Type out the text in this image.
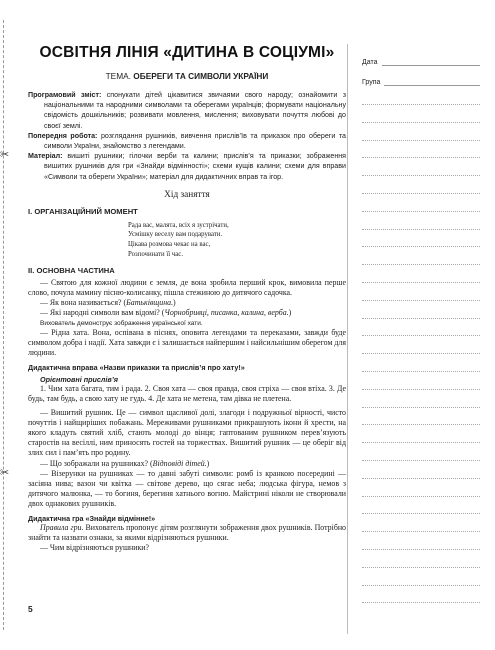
✂
✂
ОСВІТНЯ ЛІНІЯ «ДИТИНА В СОЦІУМІ»
ТЕМА. ОБЕРЕГИ ТА СИМВОЛИ УКРАЇНИ
Програмовий зміст: спонукати дітей цікавитися звичаями свого народу; ознайомити з національними та народними символами та оберегами українців; формувати національну свідомість дошкільників; розвивати мовлення, мислення; виховувати почуття любові до своєї землі.
Попередня робота: розглядання рушників, вивчення прислів’їв та приказок про обереги та символи України, знайомство з легендами.
Матеріал: вишиті рушники; гілочки верби та калини; прислів’я та приказки; зображення вишитих рушників для гри «Знайди відмінності»; схеми кущів калини; схеми для вправи «Символи та обереги України»; матеріал для дидактичних вправ та ігор.
Хід заняття
I. ОРГАНІЗАЦІЙНИЙ МОМЕНТ
Рада вас, малята, всіх я зустрічати,
Усмішку веселу вам подарувати.
Цікава розмова чекає на вас,
Розпочинати її час.
II. ОСНОВНА ЧАСТИНА
— Святою для кожної людини є земля, де вона зробила перший крок, вимовила перше слово, почула мамину пісню-колисанку, пішла стежиною до дитячого садочка.
— Як вона називається? (Батьківщина.)
— Які народні символи вам відомі? (Чорнобривці, писанка, калина, верба.)
Вихователь демонструє зображення української хати.
— Рідна хата. Вона, оспівана в піснях, оповита легендами та переказами, завжди буде символом добра і надії. Хата завжди є і залишається найпершим і найсильнішим оберегом для людини.
Дидактична вправа «Назви приказки та прислів’я про хату!»
Орієнтовні прислів’я
1. Чим хата багата, тим і рада. 2. Своя хата — своя правда, своя стріха — своя втіха. 3. Де будь, там будь, а свою хату не гудь. 4. Де хата не метена, там дівка не плетена.
— Вишитий рушник. Це — символ щасливої долі, злагоди і подружньої вірності, чисто почуттів і найщиріших побажань. Мереживами рушниками прикрашують ікони й хрести, на якого кладуть святий хліб, стають молоді до вінця; гаптованим рушником перев’язують старостів на весіллі, ним приносять гостей на торжествах. Вишитий рушник — це оберіг від злих сил і пам’ять про родину.
— Що зображали на рушниках? (Відповіді дітей.)
— Візерунки на рушниках — то давні забуті символи: ромб із кранкою посередині — засіяна нива; вазон чи квітка — світове дерево, що сягає неба; людська фігура, немов з дитячого малюнка, — то богиня, берегиня хатнього вогню. Майстрині ніколи не створювали двох однакових рушників.
Дидактична гра «Знайди відмінне!»
Правила гри. Вихователь пропонує дітям розглянути зображення двох рушників. Потрібно знайти та назвати ознаки, за якими відрізняються рушники.
— Чим відрізняються рушники?
5
Дата
Група
